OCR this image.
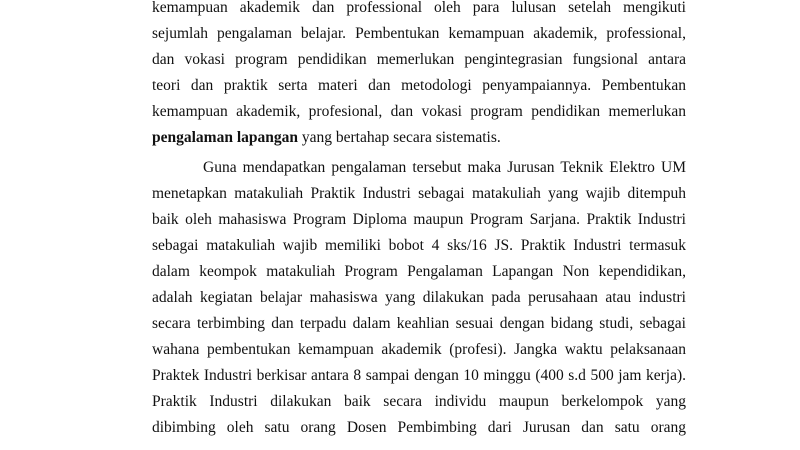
kemampuan akademik dan professional oleh para lulusan setelah mengikuti
sejumlah pengalaman belajar. Pembentukan kemampuan akademik, professional,
dan vokasi program pendidikan memerlukan pengintegrasian fungsional antara
teori dan praktik serta materi dan metodologi penyampaiannya. Pembentukan
kemampuan akademik, profesional, dan vokasi program pendidikan memerlukan
pengalaman lapangan yang bertahap secara sistematis.
Guna mendapatkan pengalaman tersebut maka Jurusan Teknik Elektro UM
menetapkan matakuliah Praktik Industri sebagai matakuliah yang wajib ditempuh
baik oleh mahasiswa Program Diploma maupun Program Sarjana. Praktik Industri
sebagai matakuliah wajib memiliki bobot 4 sks/16 JS. Praktik Industri termasuk
dalam keompok matakuliah Program Pengalaman Lapangan Non kependidikan,
adalah kegiatan belajar mahasiswa yang dilakukan pada perusahaan atau industri
secara terbimbing dan terpadu dalam keahlian sesuai dengan bidang studi, sebagai
wahana pembentukan kemampuan akademik (profesi). Jangka waktu pelaksanaan
Praktek Industri berkisar antara 8 sampai dengan 10 minggu (400 s.d 500 jam kerja).
Praktik Industri dilakukan baik secara individu maupun berkelompok yang
dibimbing oleh satu orang Dosen Pembimbing dari Jurusan dan satu orang
